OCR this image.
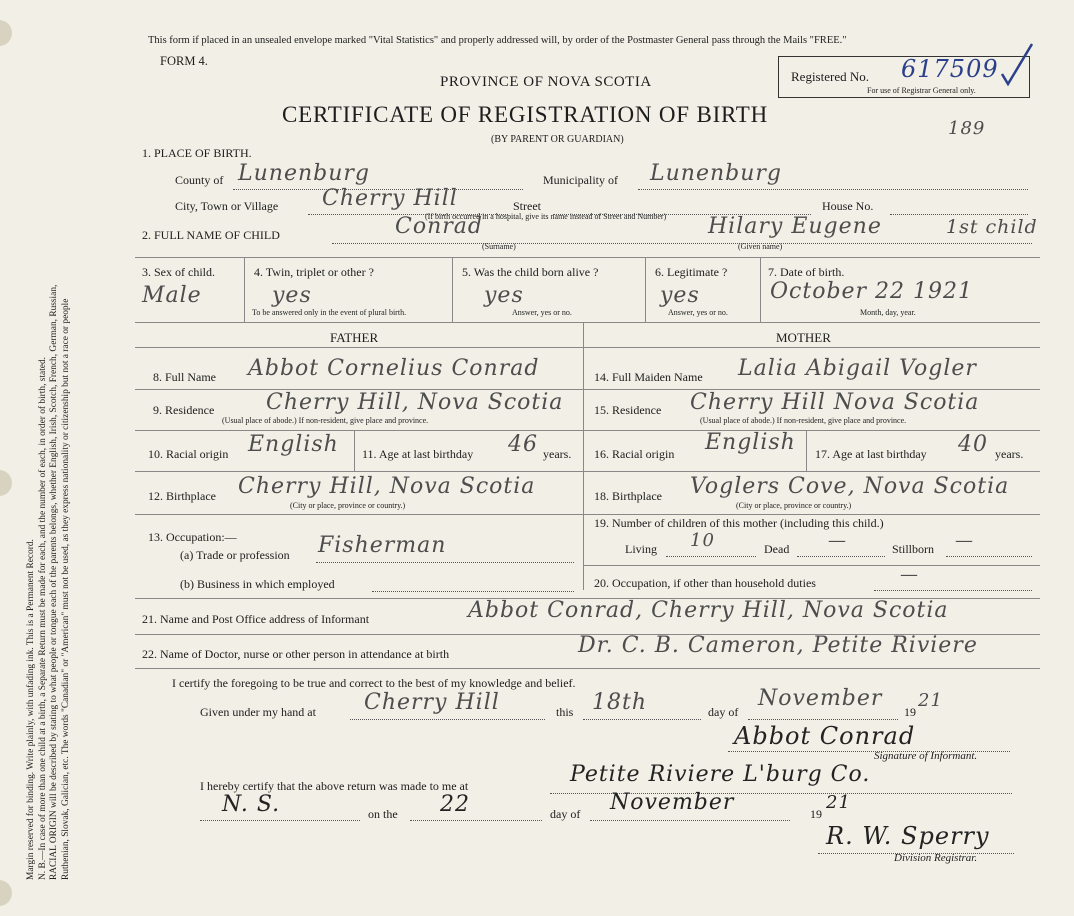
Margin reserved for binding. Write plainly, with unfading ink. This is a Permanent Record. N. B.—In case of more than one child at a birth, a Separate Return must be made for each, and the number of each, in order of birth, stated. RACIAL ORIGIN will be described by stating to what people or tongue each of the parents belongs, whether English, Irish, Scotch, French, German, Russian, Ruthenian, Slovak, Galician, etc. The words "Canadian" or "American" must not be used, as they express nationality or citizenship but not a race or people
This form if placed in an unsealed envelope marked "Vital Statistics" and properly addressed will, by order of the Postmaster General pass through the Mails "FREE."
FORM 4.
PROVINCE OF NOVA SCOTIA
CERTIFICATE OF REGISTRATION OF BIRTH
(BY PARENT OR GUARDIAN)
Registered No. 617509
For use of Registrar General only.
189
1. PLACE OF BIRTH.
County of Lunenburg	Municipality of Lunenburg
City, Town or Village Cherry Hill	Street	House No.
(If birth occurred in a hospital, give its name instead of Street and Number)
2. FULL NAME OF CHILD	Conrad	Hilary Eugene	1st child
(Surname)	(Given name)
3. Sex of child.
Male
4. Twin, triplet or other ?
yes
To be answered only in the event of plural birth.
5. Was the child born alive ?
yes
Answer, yes or no.
6. Legitimate ?
yes
Answer, yes or no.
7. Date of birth.
October 22 1921
Month, day, year.
FATHER	MOTHER
8. Full Name Abbot Cornelius Conrad
9. Residence Cherry Hill, Nova Scotia
(Usual place of abode.) If non-resident, give place and province.
10. Racial origin English 11. Age at last birthday 46 years.
12. Birthplace Cherry Hill, Nova Scotia
(City or place, province or country.)
13. Occupation:—
(a) Trade or profession Fisherman
(b) Business in which employed
14. Full Maiden Name Lalia Abigail Vogler
15. Residence Cherry Hill Nova Scotia
(Usual place of abode.) If non-resident, give place and province.
16. Racial origin English 17. Age at last birthday 40 years.
18. Birthplace Voglers Cove, Nova Scotia
(City or place, province or country.)
19. Number of children of this mother (including this child.)
Living 10	Dead —	Stillborn —
20. Occupation, if other than household duties	—
21. Name and Post Office address of Informant	Abbot Conrad, Cherry Hill, Nova Scotia
22. Name of Doctor, nurse or other person in attendance at birth	Dr. C. B. Cameron, Petite Riviere
I certify the foregoing to be true and correct to the best of my knowledge and belief.
Given under my hand at Cherry Hill	this 18th	day of
November
19
21
Abbot Conrad
Signature of Informant.
I hereby certify that the above return was made to me at	Petite Riviere L'burg Co.
N. S.	on the 22	day of November	19
21
R. W. Sperry
Division Registrar.
